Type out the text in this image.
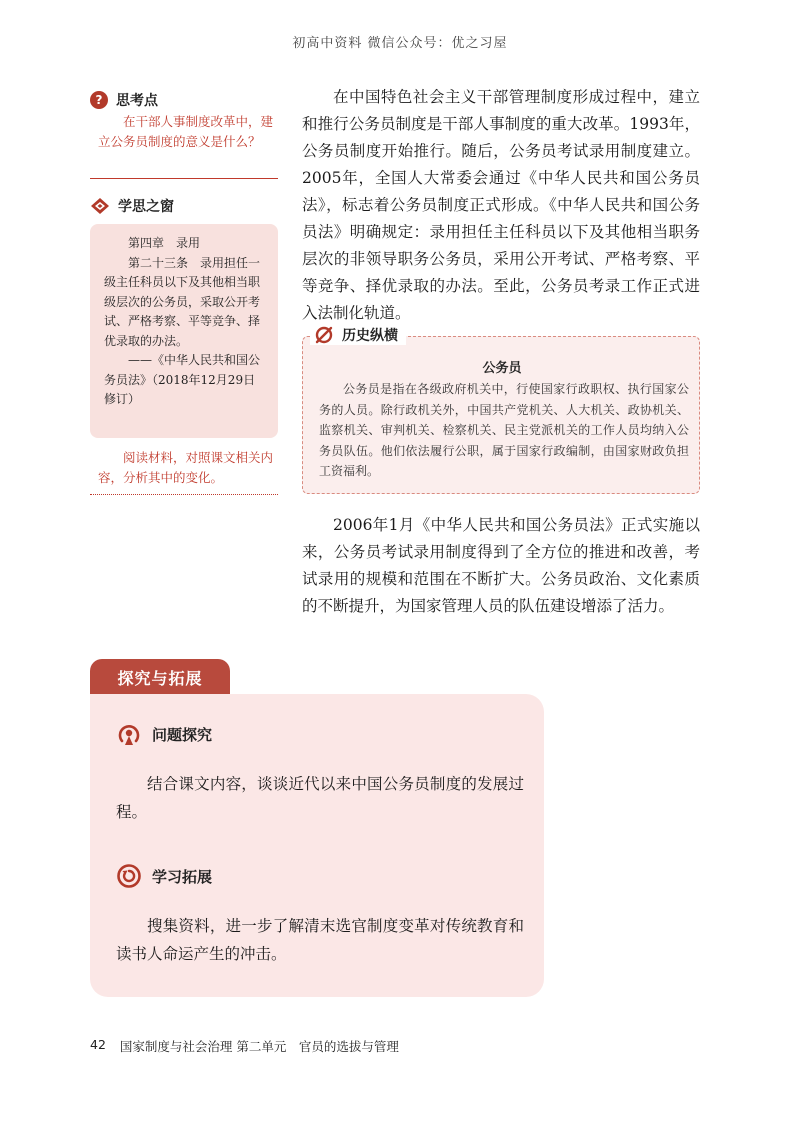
初高中资料 微信公众号：优之习屋
? 思考点
在干部人事制度改革中，建立公务员制度的意义是什么？
学思之窗

第四章　录用

第二十三条　录用担任一级主任科员以下及其他相当职级层次的公务员，采取公开考试、严格考察、平等竞争、择优录取的办法。

——《中华人民共和国公务员法》（2018年12月29日修订）

阅读材料，对照课文相关内容，分析其中的变化。

在中国特色社会主义干部管理制度形成过程中，建立和推行公务员制度是干部人事制度的重大改革。1993年，公务员制度开始推行。随后，公务员考试录用制度建立。2005年，全国人大常委会通过《中华人民共和国公务员法》，标志着公务员制度正式形成。《中华人民共和国公务员法》明确规定：录用担任主任科员以下及其他相当职务层次的非领导职务公务员，采用公开考试、严格考察、平等竞争、择优录取的办法。至此，公务员考录工作正式进入法制化轨道。

公务员

公务员是指在各级政府机关中，行使国家行政职权、执行国家公务的人员。除行政机关外，中国共产党机关、人大机关、政协机关、监察机关、审判机关、检察机关、民主党派机关的工作人员均纳入公务员队伍。他们依法履行公职，属于国家行政编制，由国家财政负担工资福利。

历史纵横

2006年1月《中华人民共和国公务员法》正式实施以来，公务员考试录用制度得到了全方位的推进和改善，考试录用的规模和范围在不断扩大。公务员政治、文化素质的不断提升，为国家管理人员的队伍建设增添了活力。

探究与拓展
问题探究

结合课文内容，谈谈近代以来中国公务员制度的发展过程。

学习拓展

搜集资料，进一步了解清末选官制度变革对传统教育和读书人命运产生的冲击。

42 国家制度与社会治理 第二单元　官员的选拔与管理
